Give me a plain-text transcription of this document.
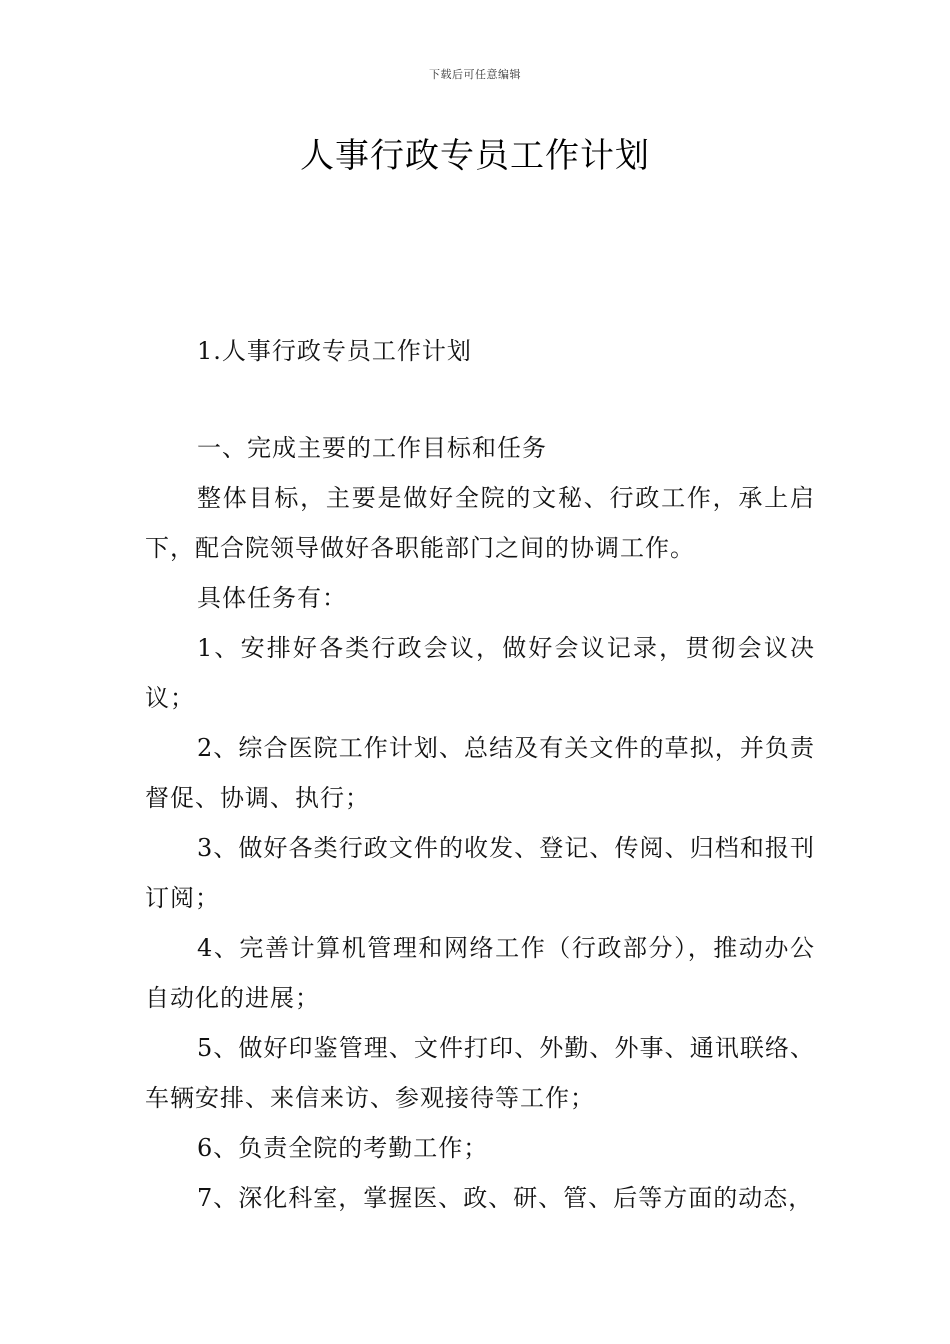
下载后可任意编辑
人事行政专员工作计划
1.人事行政专员工作计划
一、完成主要的工作目标和任务

整体目标，主要是做好全院的文秘、行政工作，承上启下，配合院领导做好各职能部门之间的协调工作。

具体任务有：

1、安排好各类行政会议，做好会议记录，贯彻会议决议；

2、综合医院工作计划、总结及有关文件的草拟，并负责督促、协调、执行；

3、做好各类行政文件的收发、登记、传阅、归档和报刊订阅；

4、完善计算机管理和网络工作（行政部分），推动办公自动化的进展；

5、做好印鉴管理、文件打印、外勤、外事、通讯联络、车辆安排、来信来访、参观接待等工作；

6、负责全院的考勤工作；

7、深化科室，掌握医、政、研、管、后等方面的动态，
